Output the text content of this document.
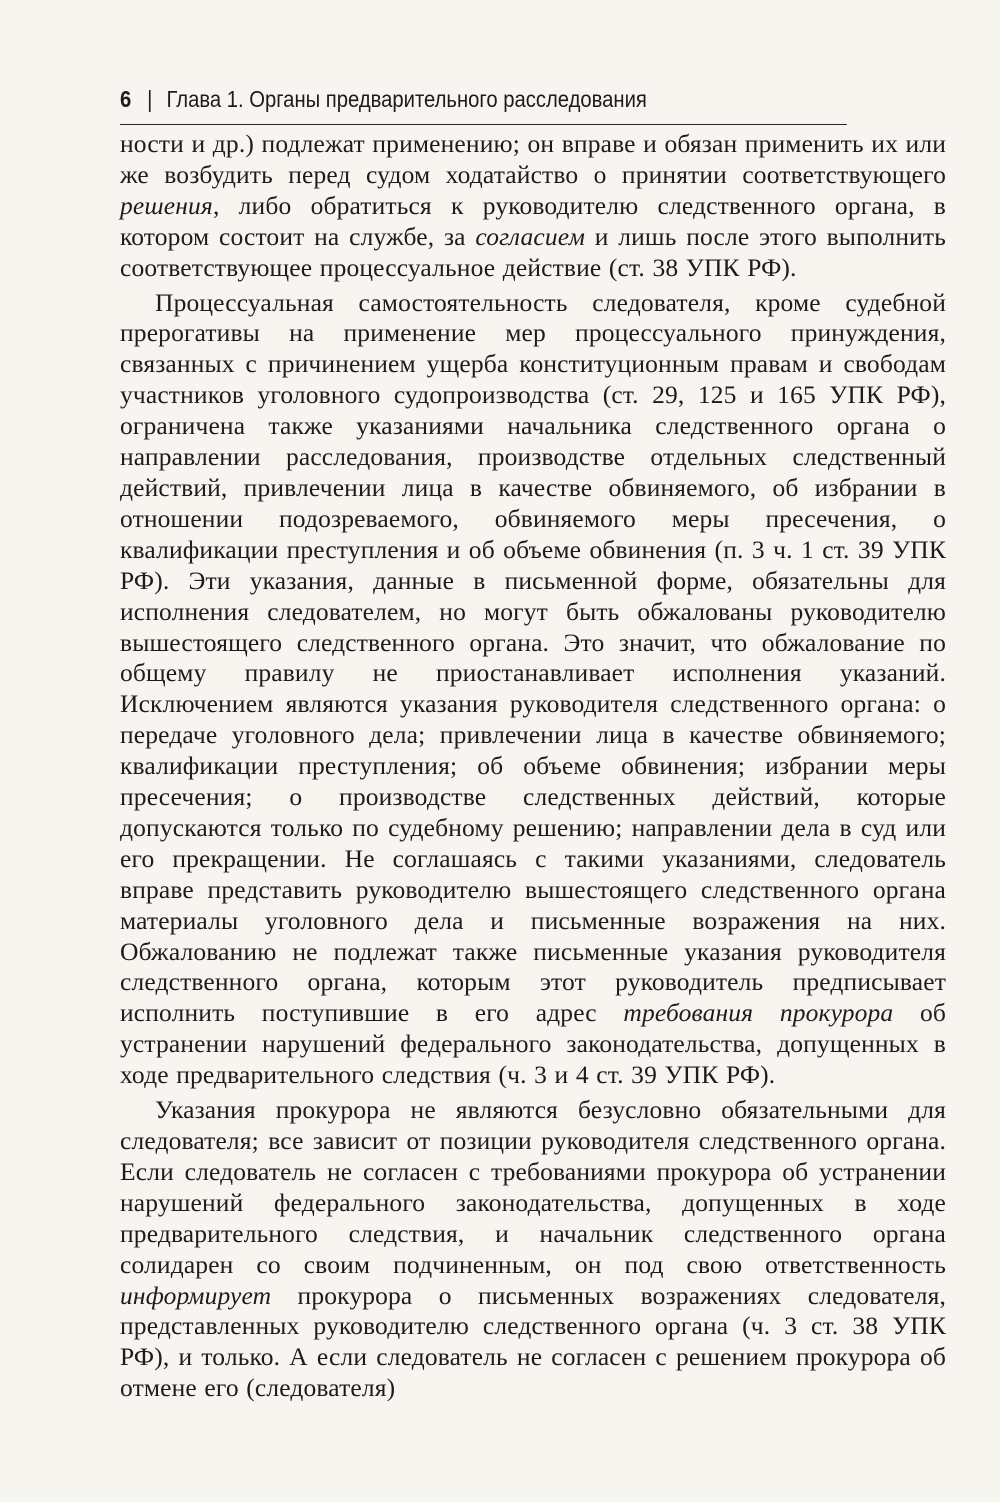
6 | Глава 1. Органы предварительного расследования

ности и др.) подлежат применению; он вправе и обязан применить их или же возбудить перед судом ходатайство о принятии соответствующего решения, либо обратиться к руководителю следственного органа, в котором состоит на службе, за согласием и лишь после этого выполнить соответствующее процессуальное действие (ст. 38 УПК РФ).

Процессуальная самостоятельность следователя, кроме судебной прерогативы на применение мер процессуального принуждения, связанных с причинением ущерба конституционным правам и свободам участников уголовного судопроизводства (ст. 29, 125 и 165 УПК РФ), ограничена также указаниями начальника следственного органа о направлении расследования, производстве отдельных следственный действий, привлечении лица в качестве обвиняемого, об избрании в отношении подозреваемого, обвиняемого меры пресечения, о квалификации преступления и об объеме обвинения (п. 3 ч. 1 ст. 39 УПК РФ). Эти указания, данные в письменной форме, обязательны для исполнения следователем, но могут быть обжалованы руководителю вышестоящего следственного органа. Это значит, что обжалование по общему правилу не приостанавливает исполнения указаний. Исключением являются указания руководителя следственного органа: о передаче уголовного дела; привлечении лица в качестве обвиняемого; квалификации преступления; об объеме обвинения; избрании меры пресечения; о производстве следственных действий, которые допускаются только по судебному решению; направлении дела в суд или его прекращении. Не соглашаясь с такими указаниями, следователь вправе представить руководителю вышестоящего следственного органа материалы уголовного дела и письменные возражения на них. Обжалованию не подлежат также письменные указания руководителя следственного органа, которым этот руководитель предписывает исполнить поступившие в его адрес требования прокурора об устранении нарушений федерального законодательства, допущенных в ходе предварительного следствия (ч. 3 и 4 ст. 39 УПК РФ).

Указания прокурора не являются безусловно обязательными для следователя; все зависит от позиции руководителя следственного органа. Если следователь не согласен с требованиями прокурора об устранении нарушений федерального законодательства, допущенных в ходе предварительного следствия, и начальник следственного органа солидарен со своим подчиненным, он под свою ответственность информирует прокурора о письменных возражениях следователя, представленных руководителю следственного органа (ч. 3 ст. 38 УПК РФ), и только. А если следователь не согласен с решением прокурора об отмене его (следователя)
